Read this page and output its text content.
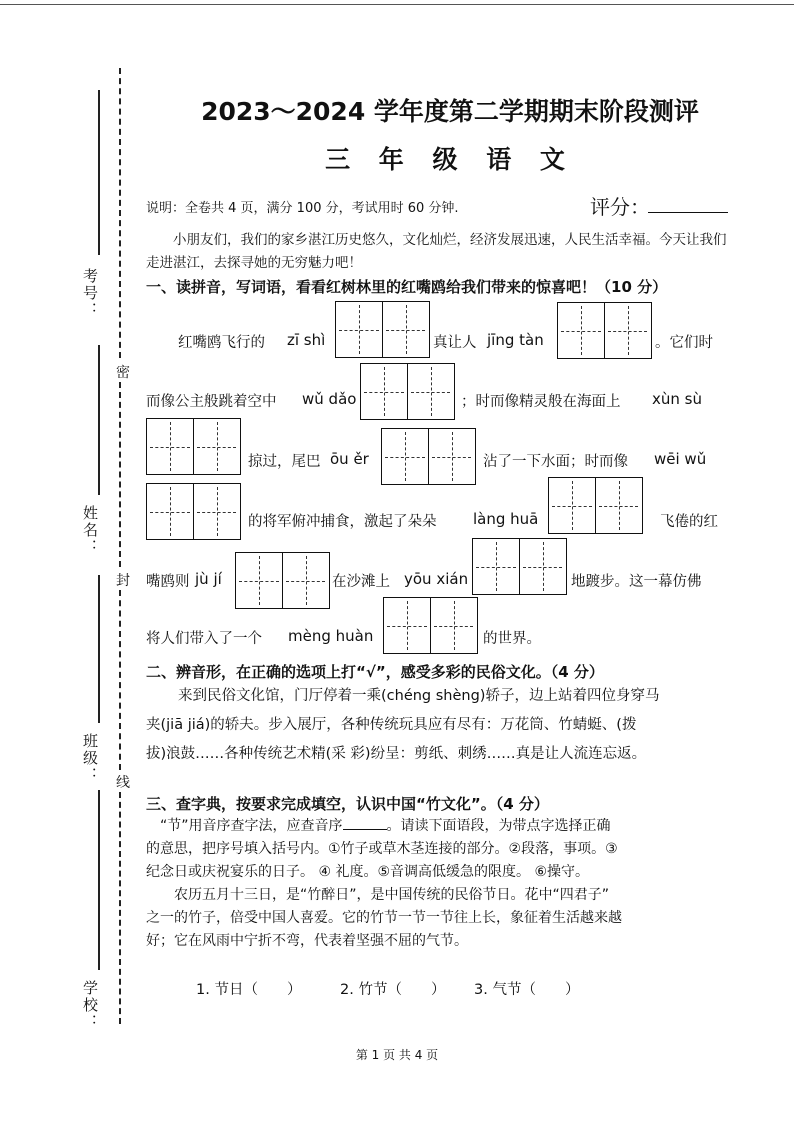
考号：
姓名：
班级：
学校：
密
封
线
2023～2024 学年度第二学期期末阶段测评
三 年 级 语 文
说明：全卷共 4 页，满分 100 分，考试用时 60 分钟.	评分：
小朋友们，我们的家乡湛江历史悠久，文化灿烂，经济发展迅速，人民生活幸福。今天让我们走进湛江，去探寻她的无穷魅力吧！
一、读拼音，写词语，看看红树林里的红嘴鸥给我们带来的惊喜吧！（10 分）
红嘴鸥飞行的 zī shì	真让人 jīng tàn	。它们时
而像公主般跳着空中 wǔ dǎo	；时而像精灵般在海面上 xùn sù
掠过，尾巴 ōu ěr	沾了一下水面；时而像 wēi wǔ
的将军俯冲捕食，激起了朵朵 làng huā	飞倦的红
嘴鸥则 jù jí	在沙滩上 yōu xián	地踱步。这一幕仿佛
将人们带入了一个 mèng huàn	的世界。
二、辨音形，在正确的选项上打“√”，感受多彩的民俗文化。（4 分）
来到民俗文化馆，门厅停着一乘(chéng shèng)轿子，边上站着四位身穿马
夹(jiā jiá)的轿夫。步入展厅，各种传统玩具应有尽有：万花筒、竹蜻蜓、(拨
拔)浪鼓……各种传统艺术精(采 彩)纷呈：剪纸、刺绣……真是让人流连忘返。
三、查字典，按要求完成填空，认识中国“竹文化”。（4 分）
“节”用音序查字法，应查音序	。请读下面语段，为带点字选择正确
的意思，把序号填入括号内。①竹子或草木茎连接的部分。②段落，事项。③
纪念日或庆祝宴乐的日子。 ④ 礼度。⑤音调高低缓急的限度。 ⑥操守。
农历五月十三日，是“竹醉日”，是中国传统的民俗节日。花中“四君子”
之一的竹子，倍受中国人喜爱。它的竹节一节一节往上长，象征着生活越来越
好；它在风雨中宁折不弯，代表着坚强不屈的气节。
1. 节日（　　）	2. 竹节（　　） 3. 气节（　　）
第 1 页 共 4 页
